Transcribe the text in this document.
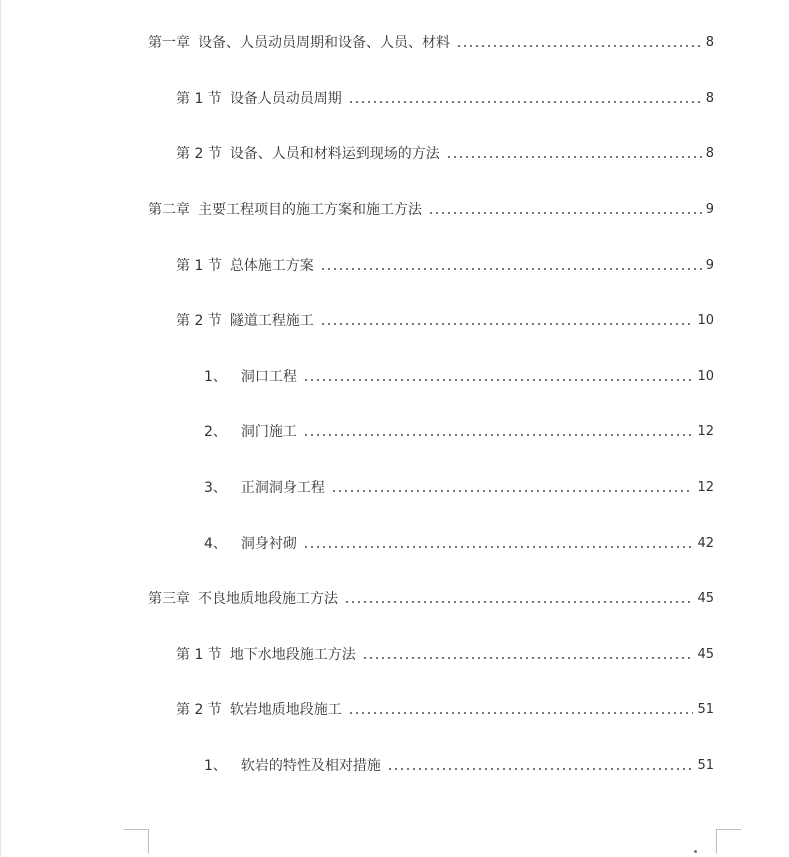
第一章 设备、人员动员周期和设备、人员、材料	8
第 1 节 设备人员动员周期	8
第 2 节 设备、人员和材料运到现场的方法	8
第二章 主要工程项目的施工方案和施工方法	9
第 1 节 总体施工方案	9
第 2 节 隧道工程施工	10
1、 洞口工程	10
2、 洞门施工	12
3、 正洞洞身工程	12
4、 洞身衬砌	42
第三章 不良地质地段施工方法	45
第 1 节 地下水地段施工方法	45
第 2 节 软岩地质地段施工	51
1、 软岩的特性及相对措施	51
